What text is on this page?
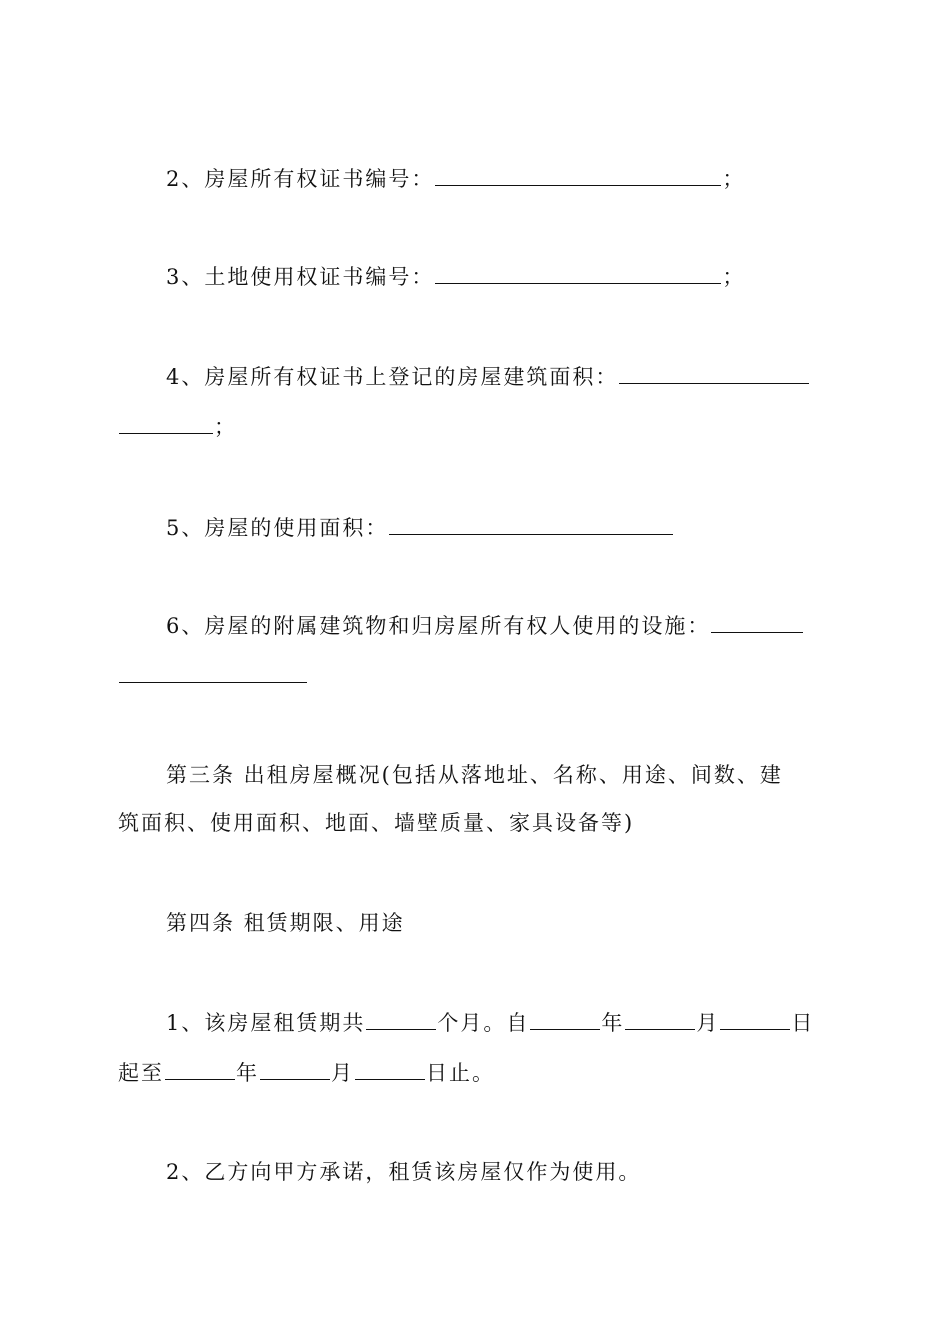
2、房屋所有权证书编号：	；
3、土地使用权证书编号：	；
4、房屋所有权证书上登记的房屋建筑面积：
；
5、房屋的使用面积：
6、房屋的附属建筑物和归房屋所有权人使用的设施：
第三条 出租房屋概况(包括从落地址、名称、用途、间数、建
筑面积、使用面积、地面、墙壁质量、家具设备等)
第四条 租赁期限、用途
1、该房屋租赁期共	个月。自	年	月	日
起至	年	月	日止。
2、乙方向甲方承诺，租赁该房屋仅作为使用。
